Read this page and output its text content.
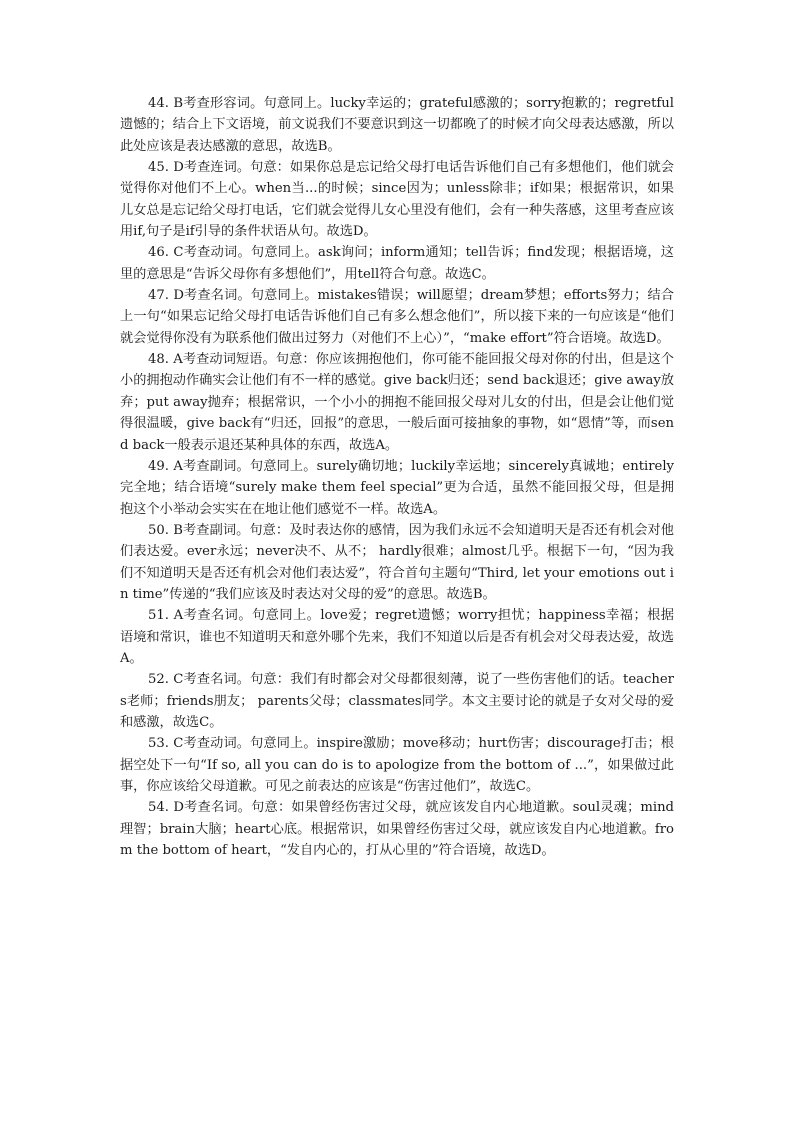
44. B考查形容词。句意同上。lucky幸运的；grateful感激的；sorry抱歉的；regretful遗憾的；结合上下文语境，前文说我们不要意识到这一切都晚了的时候才向父母表达感激，所以此处应该是表达感激的意思，故选B。

45. D考查连词。句意：如果你总是忘记给父母打电话告诉他们自己有多想他们，他们就会觉得你对他们不上心。when当...的时候；since因为；unless除非；if如果；根据常识，如果儿女总是忘记给父母打电话，它们就会觉得儿女心里没有他们，会有一种失落感，这里考查应该用if,句子是if引导的条件状语从句。故选D。

46. C考查动词。句意同上。ask询问；inform通知；tell告诉；find发现；根据语境，这里的意思是“告诉父母你有多想他们”，用tell符合句意。故选C。

47. D考查名词。句意同上。mistakes错误；will愿望；dream梦想；efforts努力；结合上一句“如果忘记给父母打电话告诉他们自己有多么想念他们”，所以接下来的一句应该是“他们就会觉得你没有为联系他们做出过努力（对他们不上心）”，“make effort”符合语境。故选D。

48. A考查动词短语。句意：你应该拥抱他们，你可能不能回报父母对你的付出，但是这个小的拥抱动作确实会让他们有不一样的感觉。give back归还；send back退还；give away放弃；put away抛弃；根据常识，一个小小的拥抱不能回报父母对儿女的付出，但是会让他们觉得很温暖，give back有“归还，回报”的意思，一般后面可接抽象的事物，如“恩情”等，而send back一般表示退还某种具体的东西，故选A。

49. A考查副词。句意同上。surely确切地；luckily幸运地；sincerely真诚地；entirely完全地；结合语境“surely make them feel special”更为合适，虽然不能回报父母，但是拥抱这个小举动会实实在在地让他们感觉不一样。故选A。

50. B考查副词。句意：及时表达你的感情，因为我们永远不会知道明天是否还有机会对他们表达爱。ever永远；never决不、从不； hardly很难；almost几乎。根据下一句，“因为我们不知道明天是否还有机会对他们表达爱”，符合首句主题句“Third, let your emotions out in time”传递的“我们应该及时表达对父母的爱”的意思。故选B。

51. A考查名词。句意同上。love爱；regret遗憾；worry担忧；happiness幸福；根据语境和常识，谁也不知道明天和意外哪个先来，我们不知道以后是否有机会对父母表达爱，故选A。

52. C考查名词。句意：我们有时都会对父母都很刻薄，说了一些伤害他们的话。teachers老师；friends朋友； parents父母；classmates同学。本文主要讨论的就是子女对父母的爱和感激，故选C。

53. C考查动词。句意同上。inspire激励；move移动；hurt伤害；discourage打击；根据空处下一句“If so, all you can do is to apologize from the bottom of ...”，如果做过此事，你应该给父母道歉。可见之前表达的应该是“伤害过他们”，故选C。

54. D考查名词。句意：如果曾经伤害过父母，就应该发自内心地道歉。soul灵魂；mind理智；brain大脑；heart心底。根据常识，如果曾经伤害过父母，就应该发自内心地道歉。from the bottom of heart，“发自内心的，打从心里的”符合语境，故选D。
